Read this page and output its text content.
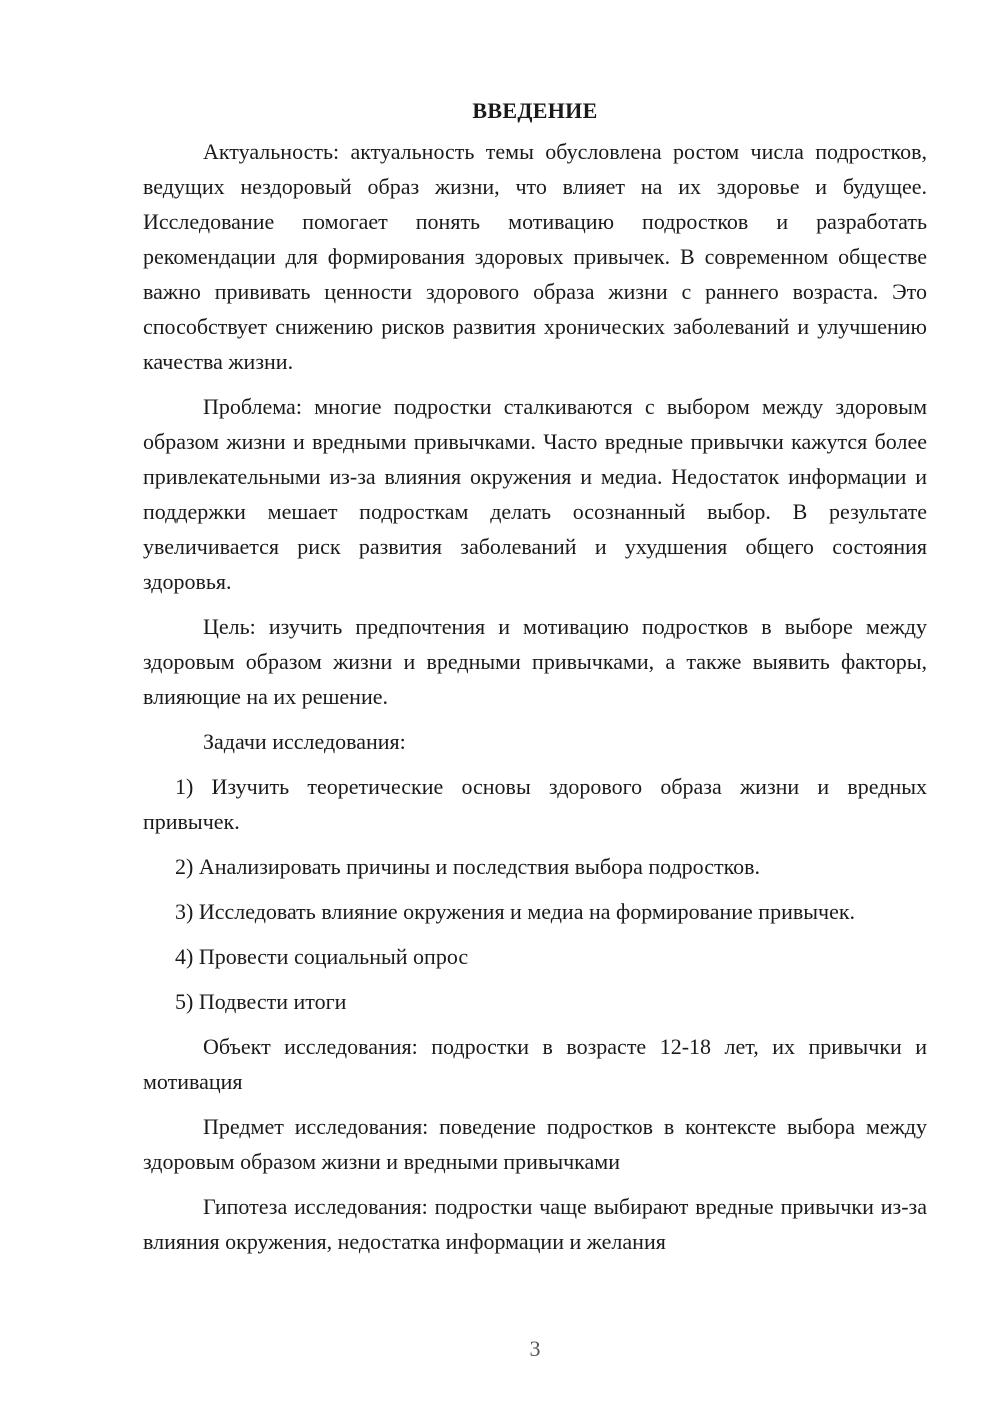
ВВЕДЕНИЕ

Актуальность: актуальность темы обусловлена ростом числа подростков, ведущих нездоровый образ жизни, что влияет на их здоровье и будущее. Исследование помогает понять мотивацию подростков и разработать рекомендации для формирования здоровых привычек. В современном обществе важно прививать ценности здорового образа жизни с раннего возраста. Это способствует снижению рисков развития хронических заболеваний и улучшению качества жизни.

Проблема: многие подростки сталкиваются с выбором между здоровым образом жизни и вредными привычками. Часто вредные привычки кажутся более привлекательными из-за влияния окружения и медиа. Недостаток информации и поддержки мешает подросткам делать осознанный выбор. В результате увеличивается риск развития заболеваний и ухудшения общего состояния здоровья.

Цель: изучить предпочтения и мотивацию подростков в выборе между здоровым образом жизни и вредными привычками, а также выявить факторы, влияющие на их решение.

Задачи исследования:

1) Изучить теоретические основы здорового образа жизни и вредных привычек.

2) Анализировать причины и последствия выбора подростков.

3) Исследовать влияние окружения и медиа на формирование привычек.

4) Провести социальный опрос

5) Подвести итоги

Объект исследования: подростки в возрасте 12-18 лет, их привычки и мотивация

Предмет исследования: поведение подростков в контексте выбора между здоровым образом жизни и вредными привычками

Гипотеза исследования: подростки чаще выбирают вредные привычки из-за влияния окружения, недостатка информации и желания

3
